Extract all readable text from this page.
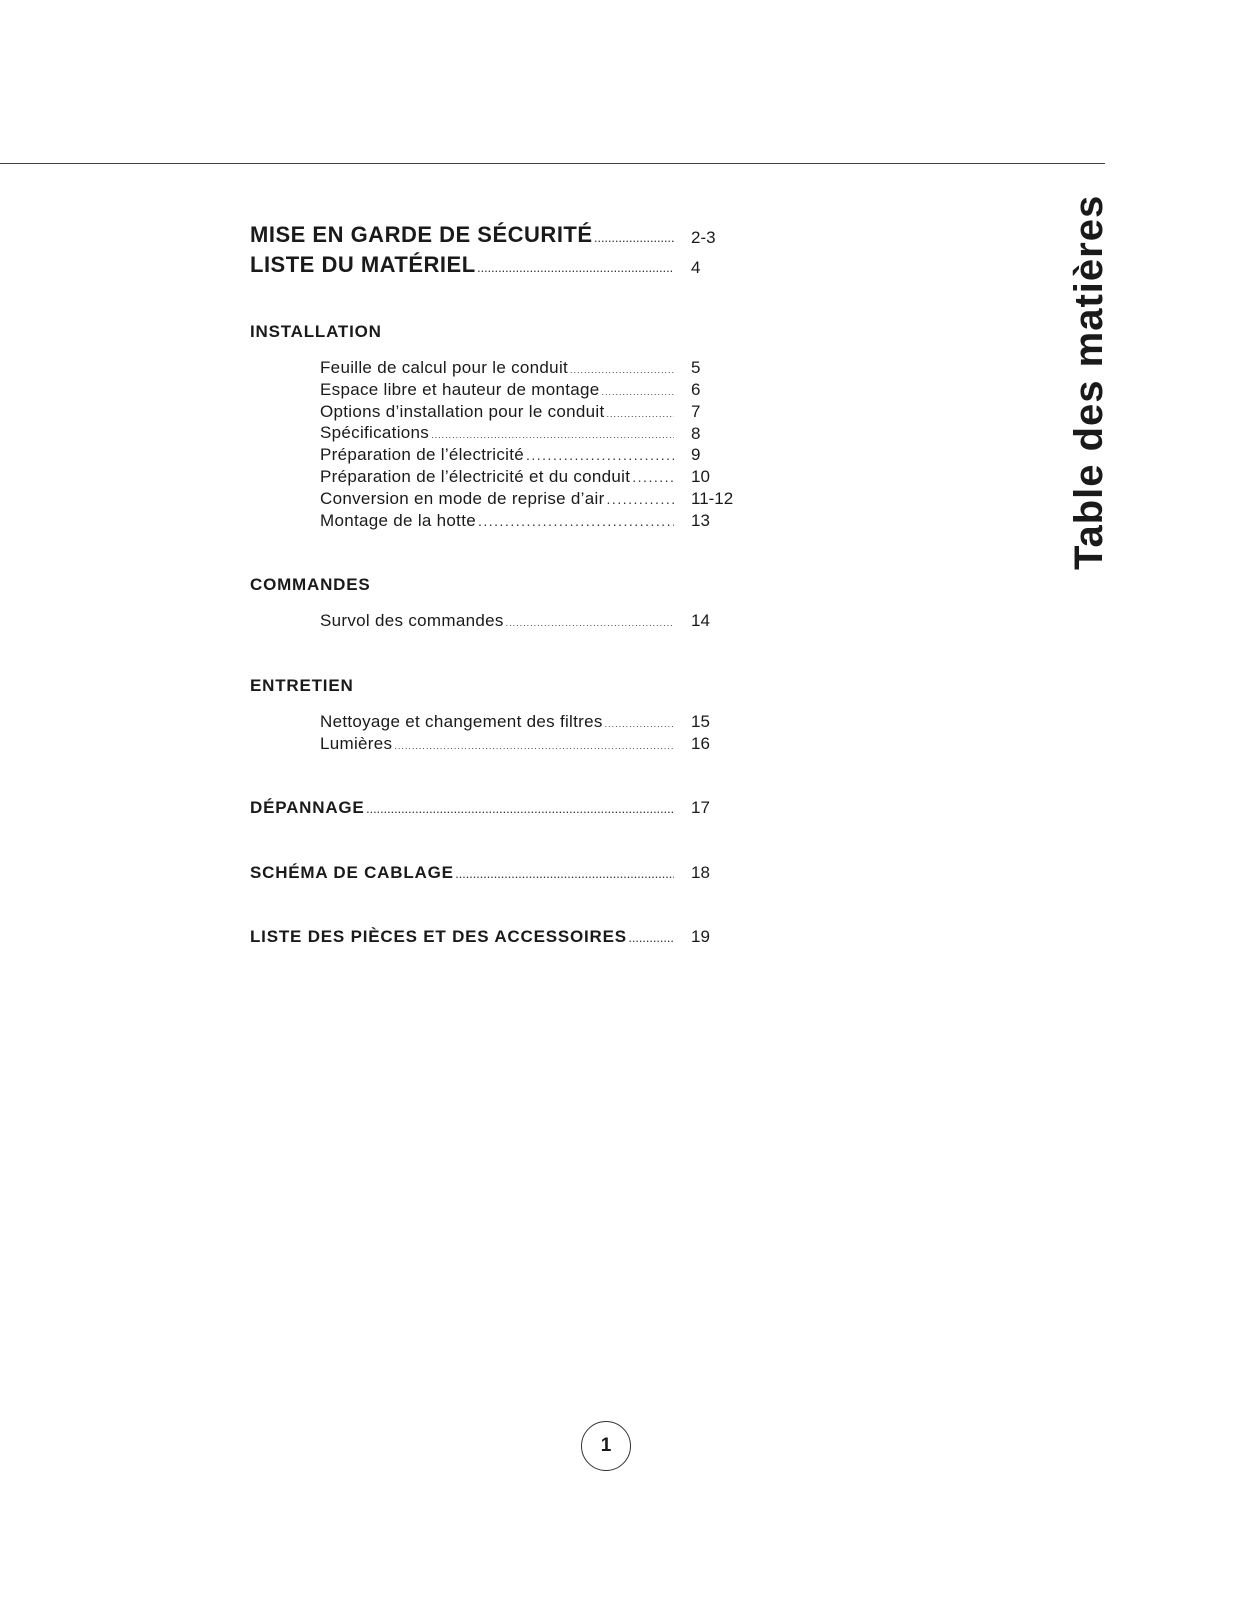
Table des matières
MISE EN GARDE DE SÉCURITÉ .....	2-3
LISTE DU MATÉRIEL .....	4
INSTALLATION
Feuille de calcul pour le conduit .....	5
Espace libre et hauteur de montage .....	6
Options d’installation pour le conduit .....	7
Spécifications .....	8
Préparation de l’électricité .....	9
Préparation de l’électricité et du conduit .....	10
Conversion en mode de reprise d’air .....	11-12
Montage de la hotte .....	13
COMMANDES
Survol des commandes .....	14
ENTRETIEN
Nettoyage et changement des filtres .....	15
Lumières .....	16
DÉPANNAGE .....	17
SCHÉMA DE CABLAGE .....	18
LISTE DES PIÈCES ET DES ACCESSOIRES .....	19
1
